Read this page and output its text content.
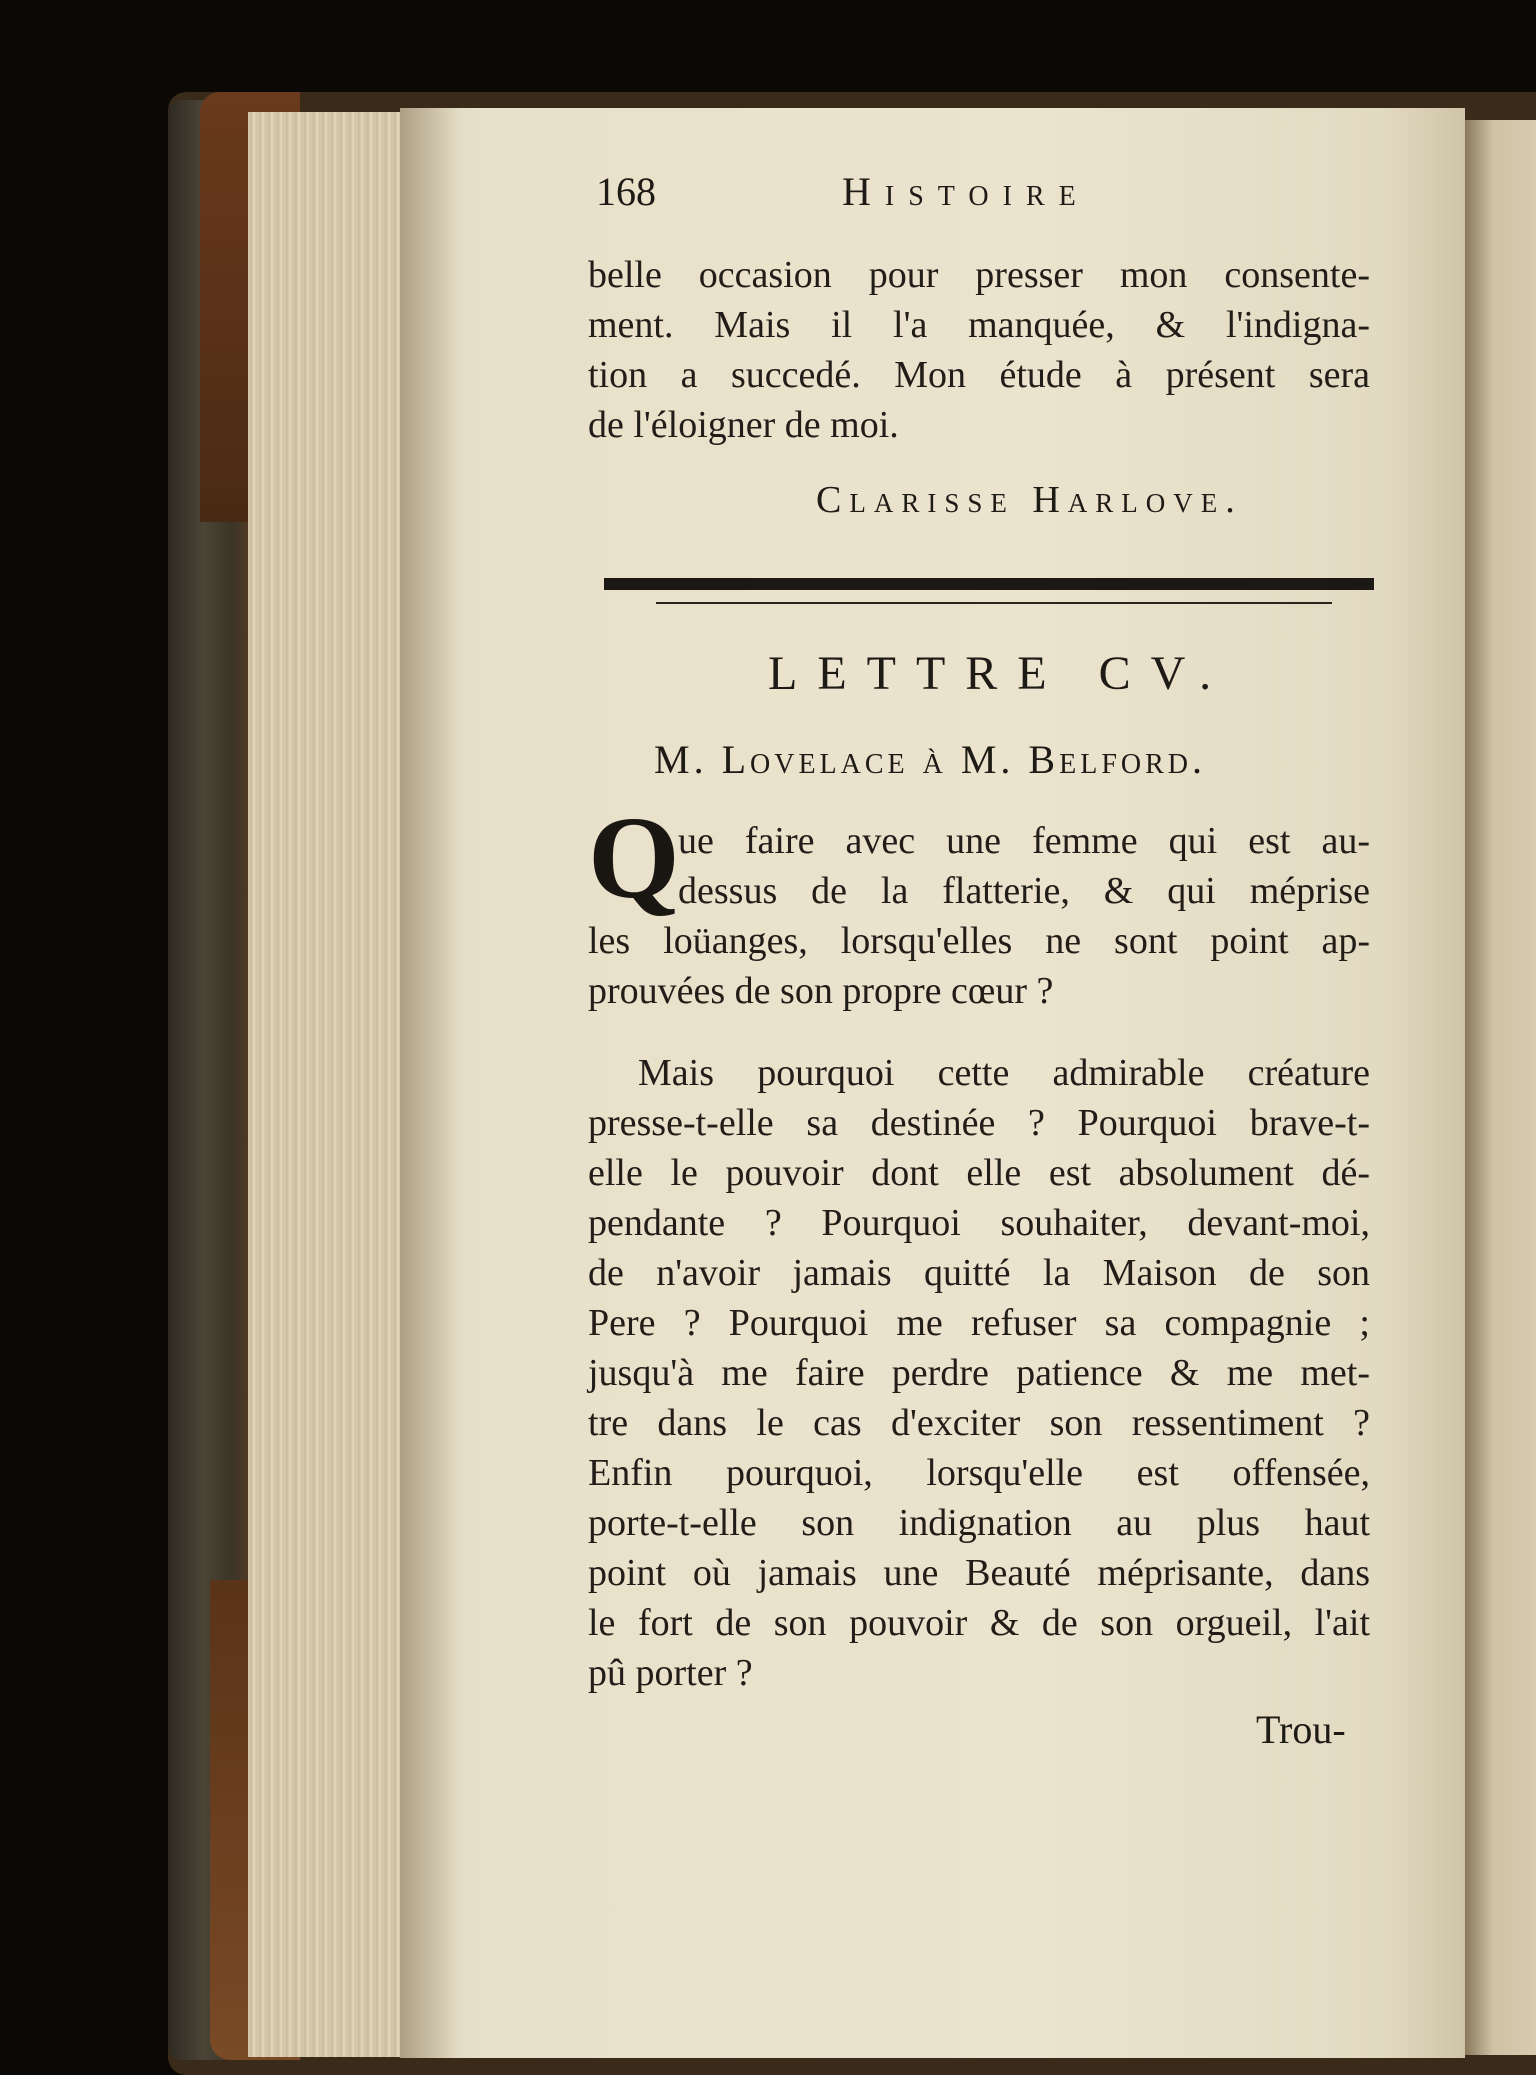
168	Histoire
belle occasion pour presser mon consente-
ment. Mais il l'a manquée, & l'indigna-
tion a succedé. Mon étude à présent sera
de l'éloigner de moi.
Clarisse Harlove.
LETTRE CV.
M. Lovelace à M. Belford.
Q
ue faire avec une femme qui est au-
dessus de la flatterie, & qui méprise
les loüanges, lorsqu'elles ne sont point ap-
prouvées de son propre cœur ?
Mais pourquoi cette admirable créature
presse-t-elle sa destinée ? Pourquoi brave-t-
elle le pouvoir dont elle est absolument dé-
pendante ? Pourquoi souhaiter, devant-moi,
de n'avoir jamais quitté la Maison de son
Pere ? Pourquoi me refuser sa compagnie ;
jusqu'à me faire perdre patience & me met-
tre dans le cas d'exciter son ressentiment ?
Enfin pourquoi, lorsqu'elle est offensée,
porte-t-elle son indignation au plus haut
point où jamais une Beauté méprisante, dans
le fort de son pouvoir & de son orgueil, l'ait
pû porter ?
Trou-
